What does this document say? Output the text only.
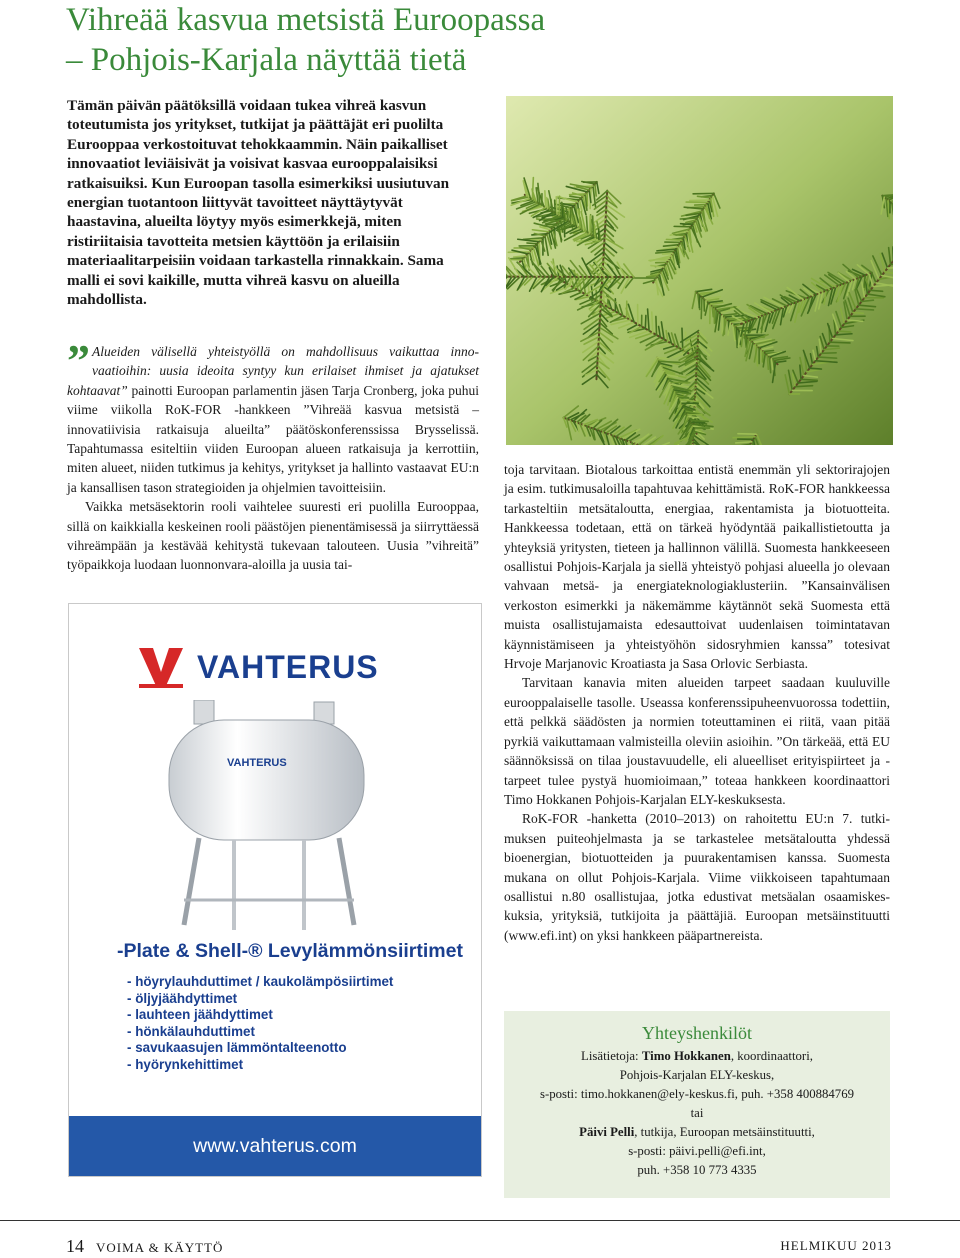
Vihreää kasvua metsistä Euroopassa
– Pohjois-Karjala näyttää tietä

Tämän päivän päätöksillä voidaan tukea vihreä kasvun toteutumista jos yritykset, tutkijat ja päättäjät eri puolilta Eurooppaa verkostoituvat tehokkaammin. Näin paikalliset innovaatiot leviäisivät ja voisivat kasvaa eurooppalaisiksi ratkaisuiksi. Kun Euroopan tasolla esimerkiksi uusiutuvan energian tuotantoon liittyvät tavoitteet näyttäytyvät haastavina, alueilta löytyy myös esimerkkejä, miten ristiriitaisia tavotteita metsien käyttöön ja erilaisiin materiaalitarpeisiin voidaan tarkastella rinnakkain. Sama malli ei sovi kaikille, mutta vihreä kasvu on alueilla mahdollista.

” Alueiden välisellä yhteistyöllä on mahdollisuus vaikuttaa innovaatioihin: uusia ideoita syntyy kun erilaiset ihmiset ja ajatukset kohtaavat” painotti Euroopan parlamentin jäsen Tarja Cronberg, joka puhui viime viikolla RoK-FOR -hankkeen ”Vihreää kasvua metsistä – innovatiivisia ratkaisuja alueilta” päätöskonferenssissa Brysselissä. Tapahtumassa esiteltiin viiden Euroopan alueen ratkaisuja ja kerrottiin, miten alueet, niiden tutkimus ja kehitys, yritykset ja hallinto vastaavat EU:n ja kansallisen tason strategioiden ja ohjelmien tavoitteisiin.

Vaikka metsäsektorin rooli vaihtelee suuresti eri puolilla Eurooppaa, sillä on kaikkialla keskeinen rooli päästöjen pienentämisessä ja siirryttäessä vihreämpään ja kestävää kehitystä tukevaan talouteen. Uusia ”vihreitä” työpaikkoja luodaan luonnonvara-aloilla ja uusia tai-

VAHTERUS
VAHTERUS
-Plate & Shell-® Levylämmönsiirtimet
- höyrylauhduttimet / kaukolämpösiirtimet
- öljyjäähdyttimet
- lauhteen jäähdyttimet
- hönkälauhduttimet
- savukaasujen lämmöntalteenotto
- hyörynkehittimet
www.vahterus.com

toja tarvitaan. Biotalous tarkoittaa entistä enemmän yli sektorirajojen ja esim. tutkimusaloilla tapahtuvaa kehittämistä. RoK-FOR hankkeessa tarkasteltiin metsätaloutta, energiaa, rakentamista ja biotuotteita. Hankkeessa todetaan, että on tärkeä hyödyntää paikallistietoutta ja yhteyksiä yritysten, tieteen ja hallinnon välillä. Suomesta hankkeeseen osallistui Pohjois-Karjala ja siellä yhteistyö pohjasi alueella jo olevaan vahvaan metsä- ja energiateknologiaklusteriin. ”Kansainvälisen verkoston esimerkki ja näkemämme käytännöt sekä Suomesta että muista osallistujamaista edesauttoivat uudenlaisen toimintatavan käynnistämiseen ja yhteistyöhön sidosryhmien kanssa” totesivat Hrvoje Marjanovic Kroatiasta ja Sasa Orlovic Serbiasta.

Tarvitaan kanavia miten alueiden tarpeet saadaan kuuluville eurooppalaiselle tasolle. Useassa konferenssipuheenvuorossa todettiin, että pelkkä säädösten ja normien toteuttaminen ei riitä, vaan pitää pyrkiä vaikuttamaan valmisteilla oleviin asioihin. ”On tärkeää, että EU säännöksissä on tilaa joustavuudelle, eli alueelliset erityispiirteet ja -tarpeet tulee pystyä huomioimaan,” toteaa hankkeen koordinaattori Timo Hokkanen Pohjois-Karjalan ELY-keskuksesta.

RoK-FOR -hanketta (2010–2013) on rahoitettu EU:n 7. tutkimuksen puiteohjelmasta ja se tarkastelee metsätaloutta yhdessä bioenergian, biotuotteiden ja puurakentamisen kanssa. Suomesta mukana on ollut Pohjois-Karjala. Viime viikkoiseen tapahtumaan osallistui n.80 osallistujaa, jotka edustivat metsäalan osaamiskeskuksia, yrityksiä, tutkijoita ja päättäjiä. Euroopan metsäinstituutti (www.efi.int) on yksi hankkeen pääpartnereista.

Yhteyshenkilöt

Lisätietoja: Timo Hokkanen, koordinaattori,

Pohjois-Karjalan ELY-keskus,

s-posti: timo.hokkanen@ely-keskus.fi, puh. +358 400884769

tai

Päivi Pelli, tutkija, Euroopan metsäinstituutti,

s-posti: päivi.pelli@efi.int,

puh. +358 10 773 4335

14 VOIMA & KÄYTTÖ	HELMIKUU 2013
